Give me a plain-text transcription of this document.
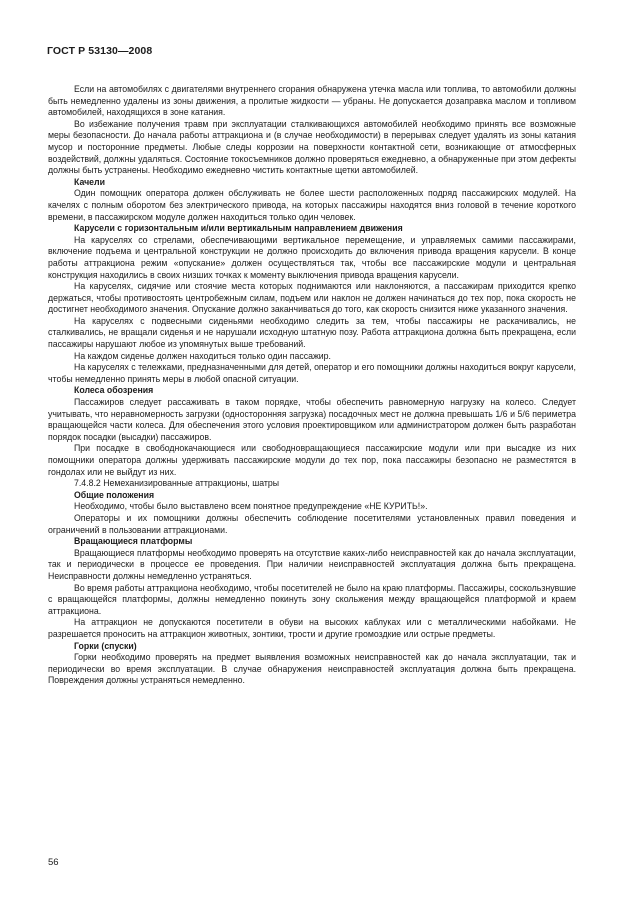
ГОСТ Р 53130—2008

Если на автомобилях с двигателями внутреннего сгорания обнаружена утечка масла или топлива, то автомобили должны быть немедленно удалены из зоны движения, а пролитые жидкости — убраны. Не допускается дозаправка маслом и топливом автомобилей, находящихся в зоне катания.

Во избежание получения травм при эксплуатации сталкивающихся автомобилей необходимо принять все возможные меры безопасности. До начала работы аттракциона и (в случае необходимости) в перерывах следует удалять из зоны катания мусор и посторонние предметы. Любые следы коррозии на поверхности контактной сети, возникающие от атмосферных воздействий, должны удаляться. Состояние токосъемников должно проверяться ежедневно, а обнаруженные при этом дефекты должны быть устранены. Необходимо ежедневно чистить контактные щетки автомобилей.

Качели

Один помощник оператора должен обслуживать не более шести расположенных подряд пассажирских модулей. На качелях с полным оборотом без электрического привода, на которых пассажиры находятся вниз головой в течение короткого времени, в пассажирском модуле должен находиться только один человек.

Карусели с горизонтальным и/или вертикальным направлением движения

На каруселях со стрелами, обеспечивающими вертикальное перемещение, и управляемых самими пассажирами, включение подъема и центральной конструкции не должно происходить до включения привода вращения карусели. В конце работы аттракциона режим «опускание» должен осуществляться так, чтобы все пассажирские модули и центральная конструкция находились в своих низших точках к моменту выключения привода вращения карусели.

На каруселях, сидячие или стоячие места которых поднимаются или наклоняются, а пассажирам приходится крепко держаться, чтобы противостоять центробежным силам, подъем или наклон не должен начинаться до тех пор, пока скорость не достигнет необходимого значения. Опускание должно заканчиваться до того, как скорость снизится ниже указанного значения.

На каруселях с подвесными сиденьями необходимо следить за тем, чтобы пассажиры не раскачивались, не сталкивались, не вращали сиденья и не нарушали исходную штатную позу. Работа аттракциона должна быть прекращена, если пассажиры нарушают любое из упомянутых выше требований.

На каждом сиденье должен находиться только один пассажир.

На каруселях с тележками, предназначенными для детей, оператор и его помощники должны находиться вокруг карусели, чтобы немедленно принять меры в любой опасной ситуации.

Колеса обозрения

Пассажиров следует рассаживать в таком порядке, чтобы обеспечить равномерную нагрузку на колесо. Следует учитывать, что неравномерность загрузки (односторонняя загрузка) посадочных мест не должна превышать 1/6 и 5/6 периметра вращающейся части колеса. Для обеспечения этого условия проектировщиком или администратором должен быть разработан порядок посадки (высадки) пассажиров.

При посадке в свободнокачающиеся или свободновращающиеся пассажирские модули или при высадке из них помощники оператора должны удерживать пассажирские модули до тех пор, пока пассажиры безопасно не разместятся в гондолах или не выйдут из них.

7.4.8.2 Немеханизированные аттракционы, шатры

Общие положения

Необходимо, чтобы было выставлено всем понятное предупреждение «НЕ КУРИТЬ!».

Операторы и их помощники должны обеспечить соблюдение посетителями установленных правил поведения и ограничений в пользовании аттракционами.

Вращающиеся платформы

Вращающиеся платформы необходимо проверять на отсутствие каких-либо неисправностей как до начала эксплуатации, так и периодически в процессе ее проведения. При наличии неисправностей эксплуатация должна быть прекращена. Неисправности должны немедленно устраняться.

Во время работы аттракциона необходимо, чтобы посетителей не было на краю платформы. Пассажиры, соскользнувшие с вращающейся платформы, должны немедленно покинуть зону скольжения между вращающейся платформой и краем аттракциона.

На аттракцион не допускаются посетители в обуви на высоких каблуках или с металлическими набойками. Не разрешается проносить на аттракцион животных, зонтики, трости и другие громоздкие или острые предметы.

Горки (спуски)

Горки необходимо проверять на предмет выявления возможных неисправностей как до начала эксплуатации, так и периодически во время эксплуатации. В случае обнаружения неисправностей эксплуатация должна быть прекращена. Повреждения должны устраняться немедленно.

56
